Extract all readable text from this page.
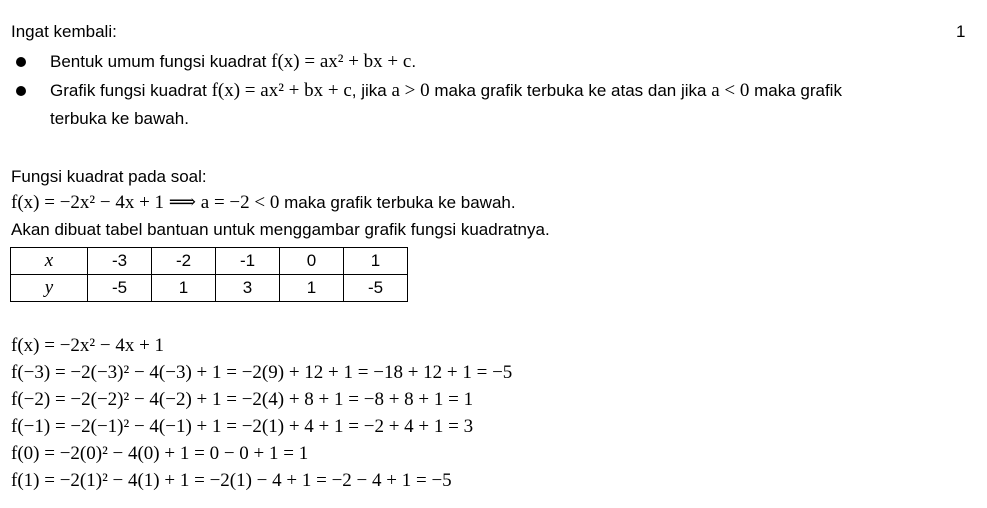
1
Ingat kembali:
Bentuk umum fungsi kuadrat f(x) = ax² + bx + c.
Grafik fungsi kuadrat f(x) = ax² + bx + c, jika a > 0 maka grafik terbuka ke atas dan jika a < 0 maka grafik
terbuka ke bawah.
Fungsi kuadrat pada soal:
f(x) = −2x² − 4x + 1 ⟹ a = −2 < 0 maka grafik terbuka ke bawah.
Akan dibuat tabel bantuan untuk menggambar grafik fungsi kuadratnya.
x	-3	-2	-1	0	1
y	-5	1	3	1	-5
f(x) = −2x² − 4x + 1
f(−3) = −2(−3)² − 4(−3) + 1 = −2(9) + 12 + 1 = −18 + 12 + 1 = −5
f(−2) = −2(−2)² − 4(−2) + 1 = −2(4) + 8 + 1 = −8 + 8 + 1 = 1
f(−1) = −2(−1)² − 4(−1) + 1 = −2(1) + 4 + 1 = −2 + 4 + 1 = 3
f(0) = −2(0)² − 4(0) + 1 = 0 − 0 + 1 = 1
f(1) = −2(1)² − 4(1) + 1 = −2(1) − 4 + 1 = −2 − 4 + 1 = −5
